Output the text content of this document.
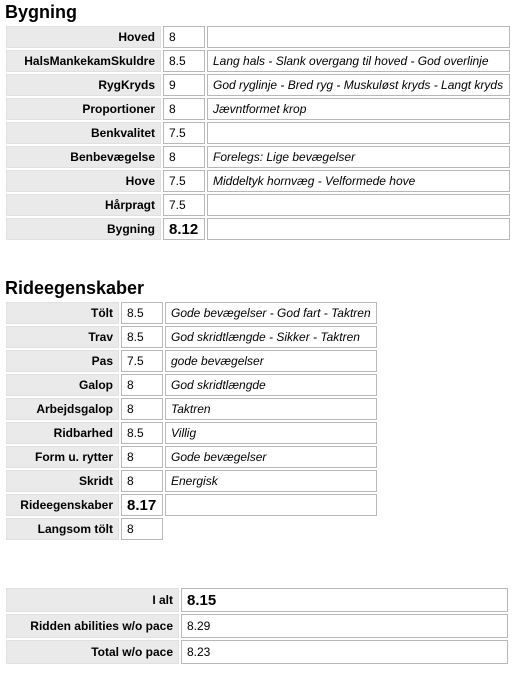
Bygning
Hoved	8	
HalsMankekamSkuldre	8.5	Lang hals - Slank overgang til hoved - God overlinje
RygKryds	9	God ryglinje - Bred ryg - Muskuløst kryds - Langt kryds
Proportioner	8	Jævntformet krop
Benkvalitet	7.5	
Benbevægelse	8	Forelegs: Lige bevægelser
Hove	7.5	Middeltyk hornvæg - Velformede hove
Hårpragt	7.5	
Bygning	8.12	
Rideegenskaber
Tölt	8.5	Gode bevægelser - God fart - Taktren
Trav	8.5	God skridtlængde - Sikker - Taktren
Pas	7.5	gode bevægelser
Galop	8	God skridtlængde
Arbejdsgalop	8	Taktren
Ridbarhed	8.5	Villig
Form u. rytter	8	Gode bevægelser
Skridt	8	Energisk
Rideegenskaber	8.17	
Langsom tölt	8	
I alt	8.15
Ridden abilities w/o pace	8.29
Total w/o pace	8.23
